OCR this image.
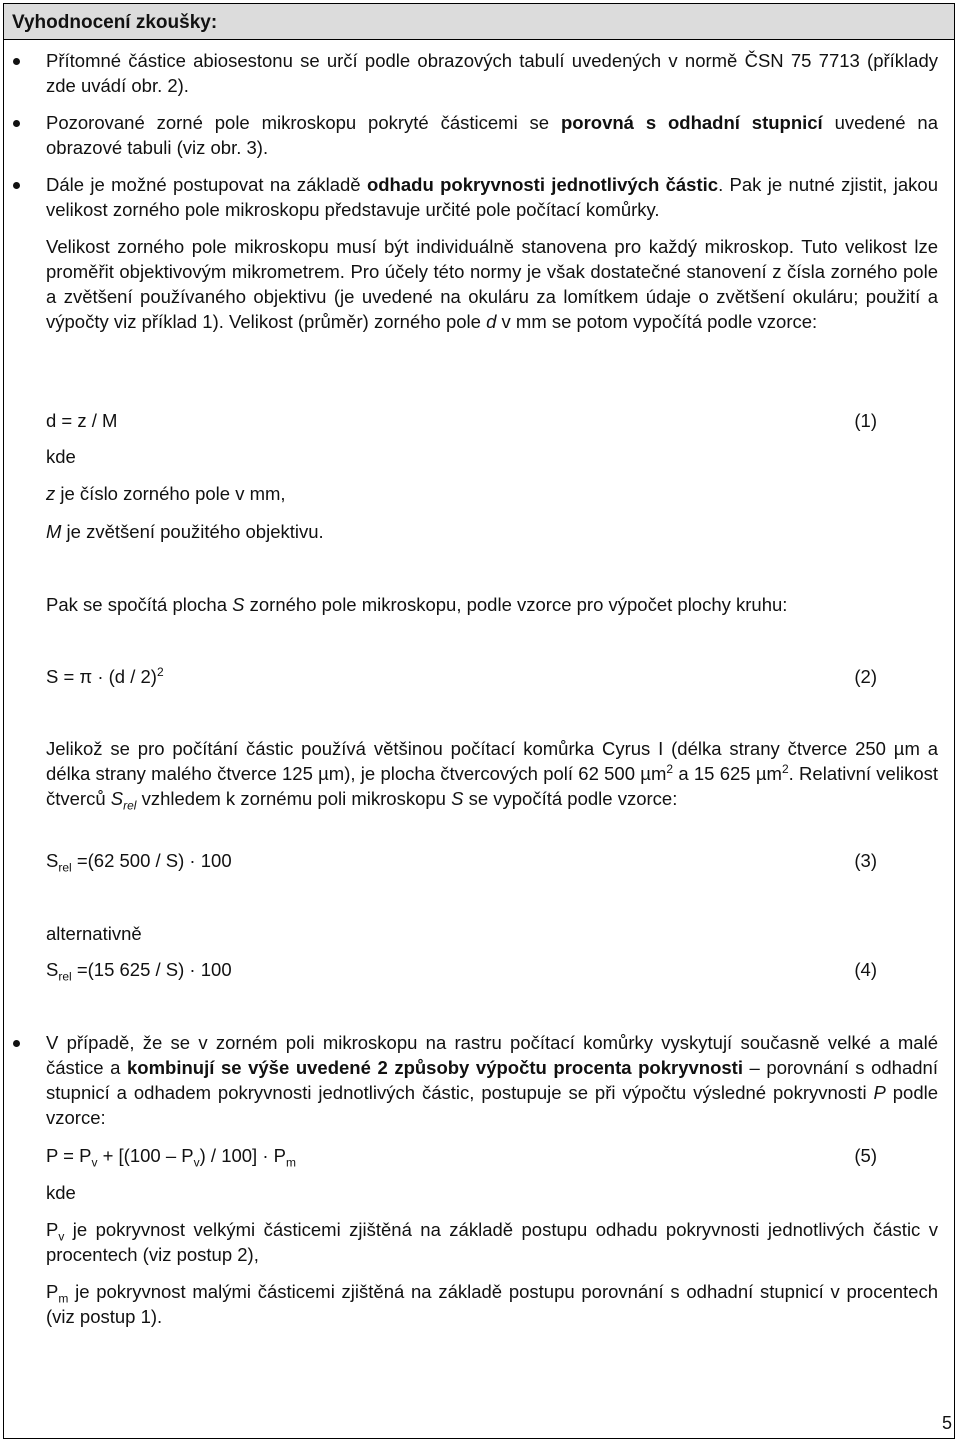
Vyhodnocení zkoušky:
Přítomné částice abiosestonu se určí podle obrazových tabulí uvedených v normě ČSN 75 7713 (příklady zde uvádí obr. 2).
Pozorované zorné pole mikroskopu pokryté částicemi se porovná s odhadní stupnicí uvedené na obrazové tabuli (viz obr. 3).
Dále je možné postupovat na základě odhadu pokryvnosti jednotlivých částic. Pak je nutné zjistit, jakou velikost zorného pole mikroskopu představuje určité pole počítací komůrky.
Velikost zorného pole mikroskopu musí být individuálně stanovena pro každý mikroskop. Tuto velikost lze proměřit objektivovým mikrometrem. Pro účely této normy je však dostatečné stanovení z čísla zorného pole a zvětšení používaného objektivu (je uvedené na okuláru za lomítkem údaje o zvětšení okuláru; použití a výpočty viz příklad 1). Velikost (průměr) zorného pole d v mm se potom vypočítá podle vzorce:
d = z / M	(1)
kde
z je číslo zorného pole v mm,
M je zvětšení použitého objektivu.
Pak se spočítá plocha S zorného pole mikroskopu, podle vzorce pro výpočet plochy kruhu:
S = π · (d / 2)$^2$	(2)
Jelikož se pro počítání částic používá většinou počítací komůrka Cyrus I (délka strany čtverce 250 µm a délka strany malého čtverce 125 µm), je plocha čtvercových polí 62 500 µm$^2$ a 15 625 µm$^2$. Relativní velikost čtverců $S_{rel}$ vzhledem k zornému poli mikroskopu S se vypočítá podle vzorce:
$S_{rel} =(62$ 500 / S) · 100	(3)
alternativně
$S_{rel} =(15$ 625 / S) · 100	(4)
V případě, že se v zorném poli mikroskopu na rastru počítací komůrky vyskytují současně velké a malé částice a kombinují se výše uvedené 2 způsoby výpočtu procenta pokryvnosti – porovnání s odhadní stupnicí a odhadem pokryvnosti jednotlivých částic, postupuje se při výpočtu výsledné pokryvnosti P podle vzorce:
$P = P_v + [(100 - P_v) / 100] \cdot P_m$	(5)
kde
$P_v$ je pokryvnost velkými částicemi zjištěná na základě postupu odhadu pokryvnosti jednotlivých částic v procentech (viz postup 2),
$P_m$ je pokryvnost malými částicemi zjištěná na základě postupu porovnání s odhadní stupnicí v procentech (viz postup 1).
5
